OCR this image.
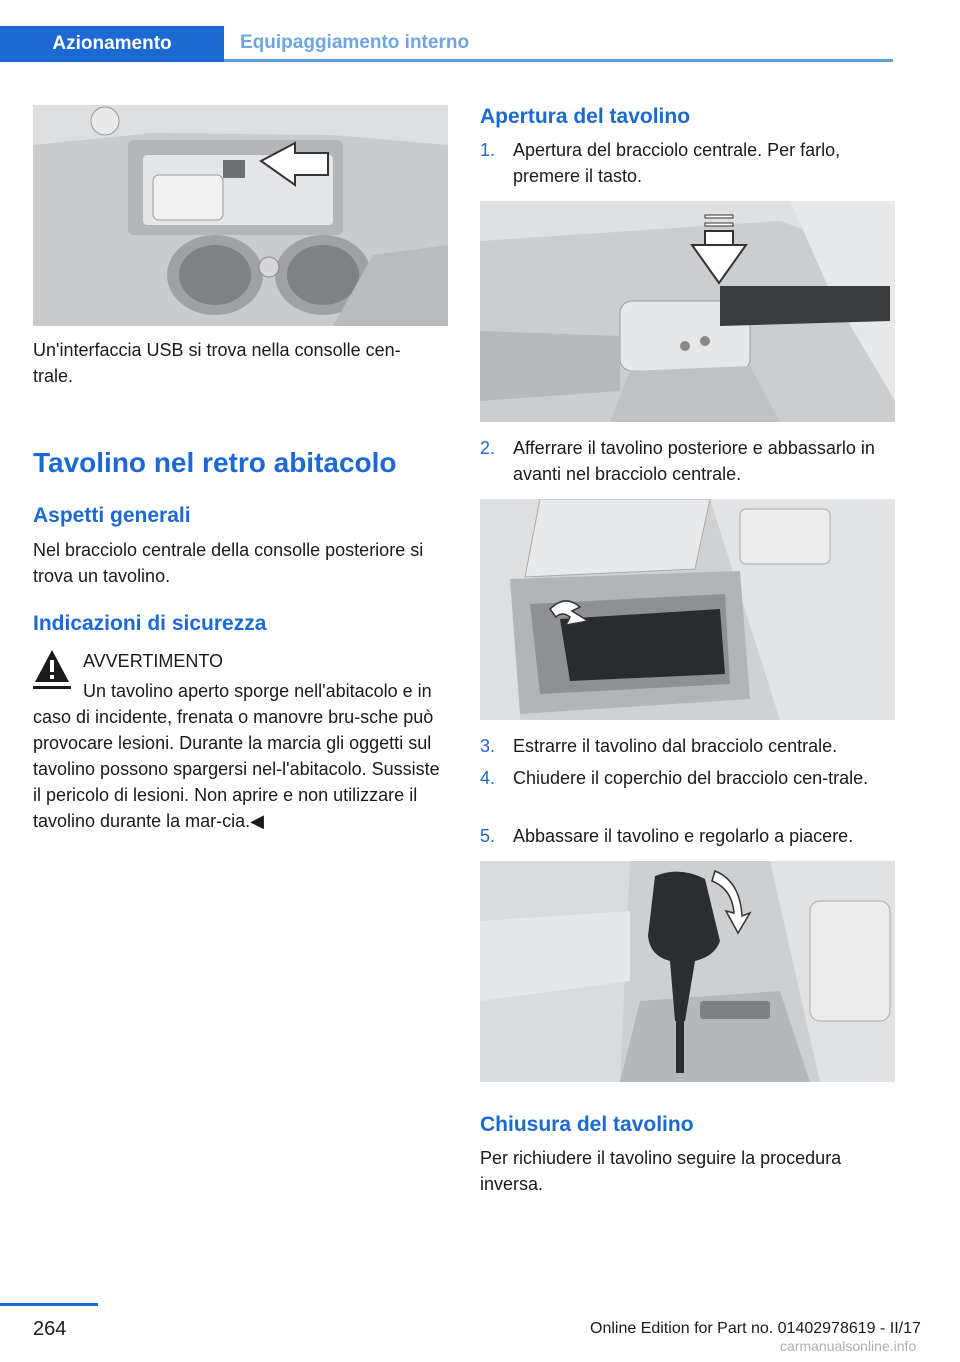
Azionamento	Equipaggiamento interno
Un'interfaccia USB si trova nella consolle cen-
trale.
Tavolino nel retro abitacolo
Aspetti generali
Nel bracciolo centrale della consolle posteriore si trova un tavolino.
Indicazioni di sicurezza
AVVERTIMENTO
Un tavolino aperto sporge nell'abitacolo e in caso di incidente, frenata o manovre bru-sche può provocare lesioni. Durante la marcia gli oggetti sul tavolino possono spargersi nel-l'abitacolo. Sussiste il pericolo di lesioni. Non aprire e non utilizzare il tavolino durante la mar-cia.◀
Apertura del tavolino
1. Apertura del bracciolo centrale. Per farlo, premere il tasto.
2. Afferrare il tavolino posteriore e abbassarlo in avanti nel bracciolo centrale.
3. Estrarre il tavolino dal bracciolo centrale.
4. Chiudere il coperchio del bracciolo cen-trale.
5. Abbassare il tavolino e regolarlo a piacere.
Chiusura del tavolino
Per richiudere il tavolino seguire la procedura inversa.
264	Online Edition for Part no. 01402978619 - II/17
carmanualsonline.info
